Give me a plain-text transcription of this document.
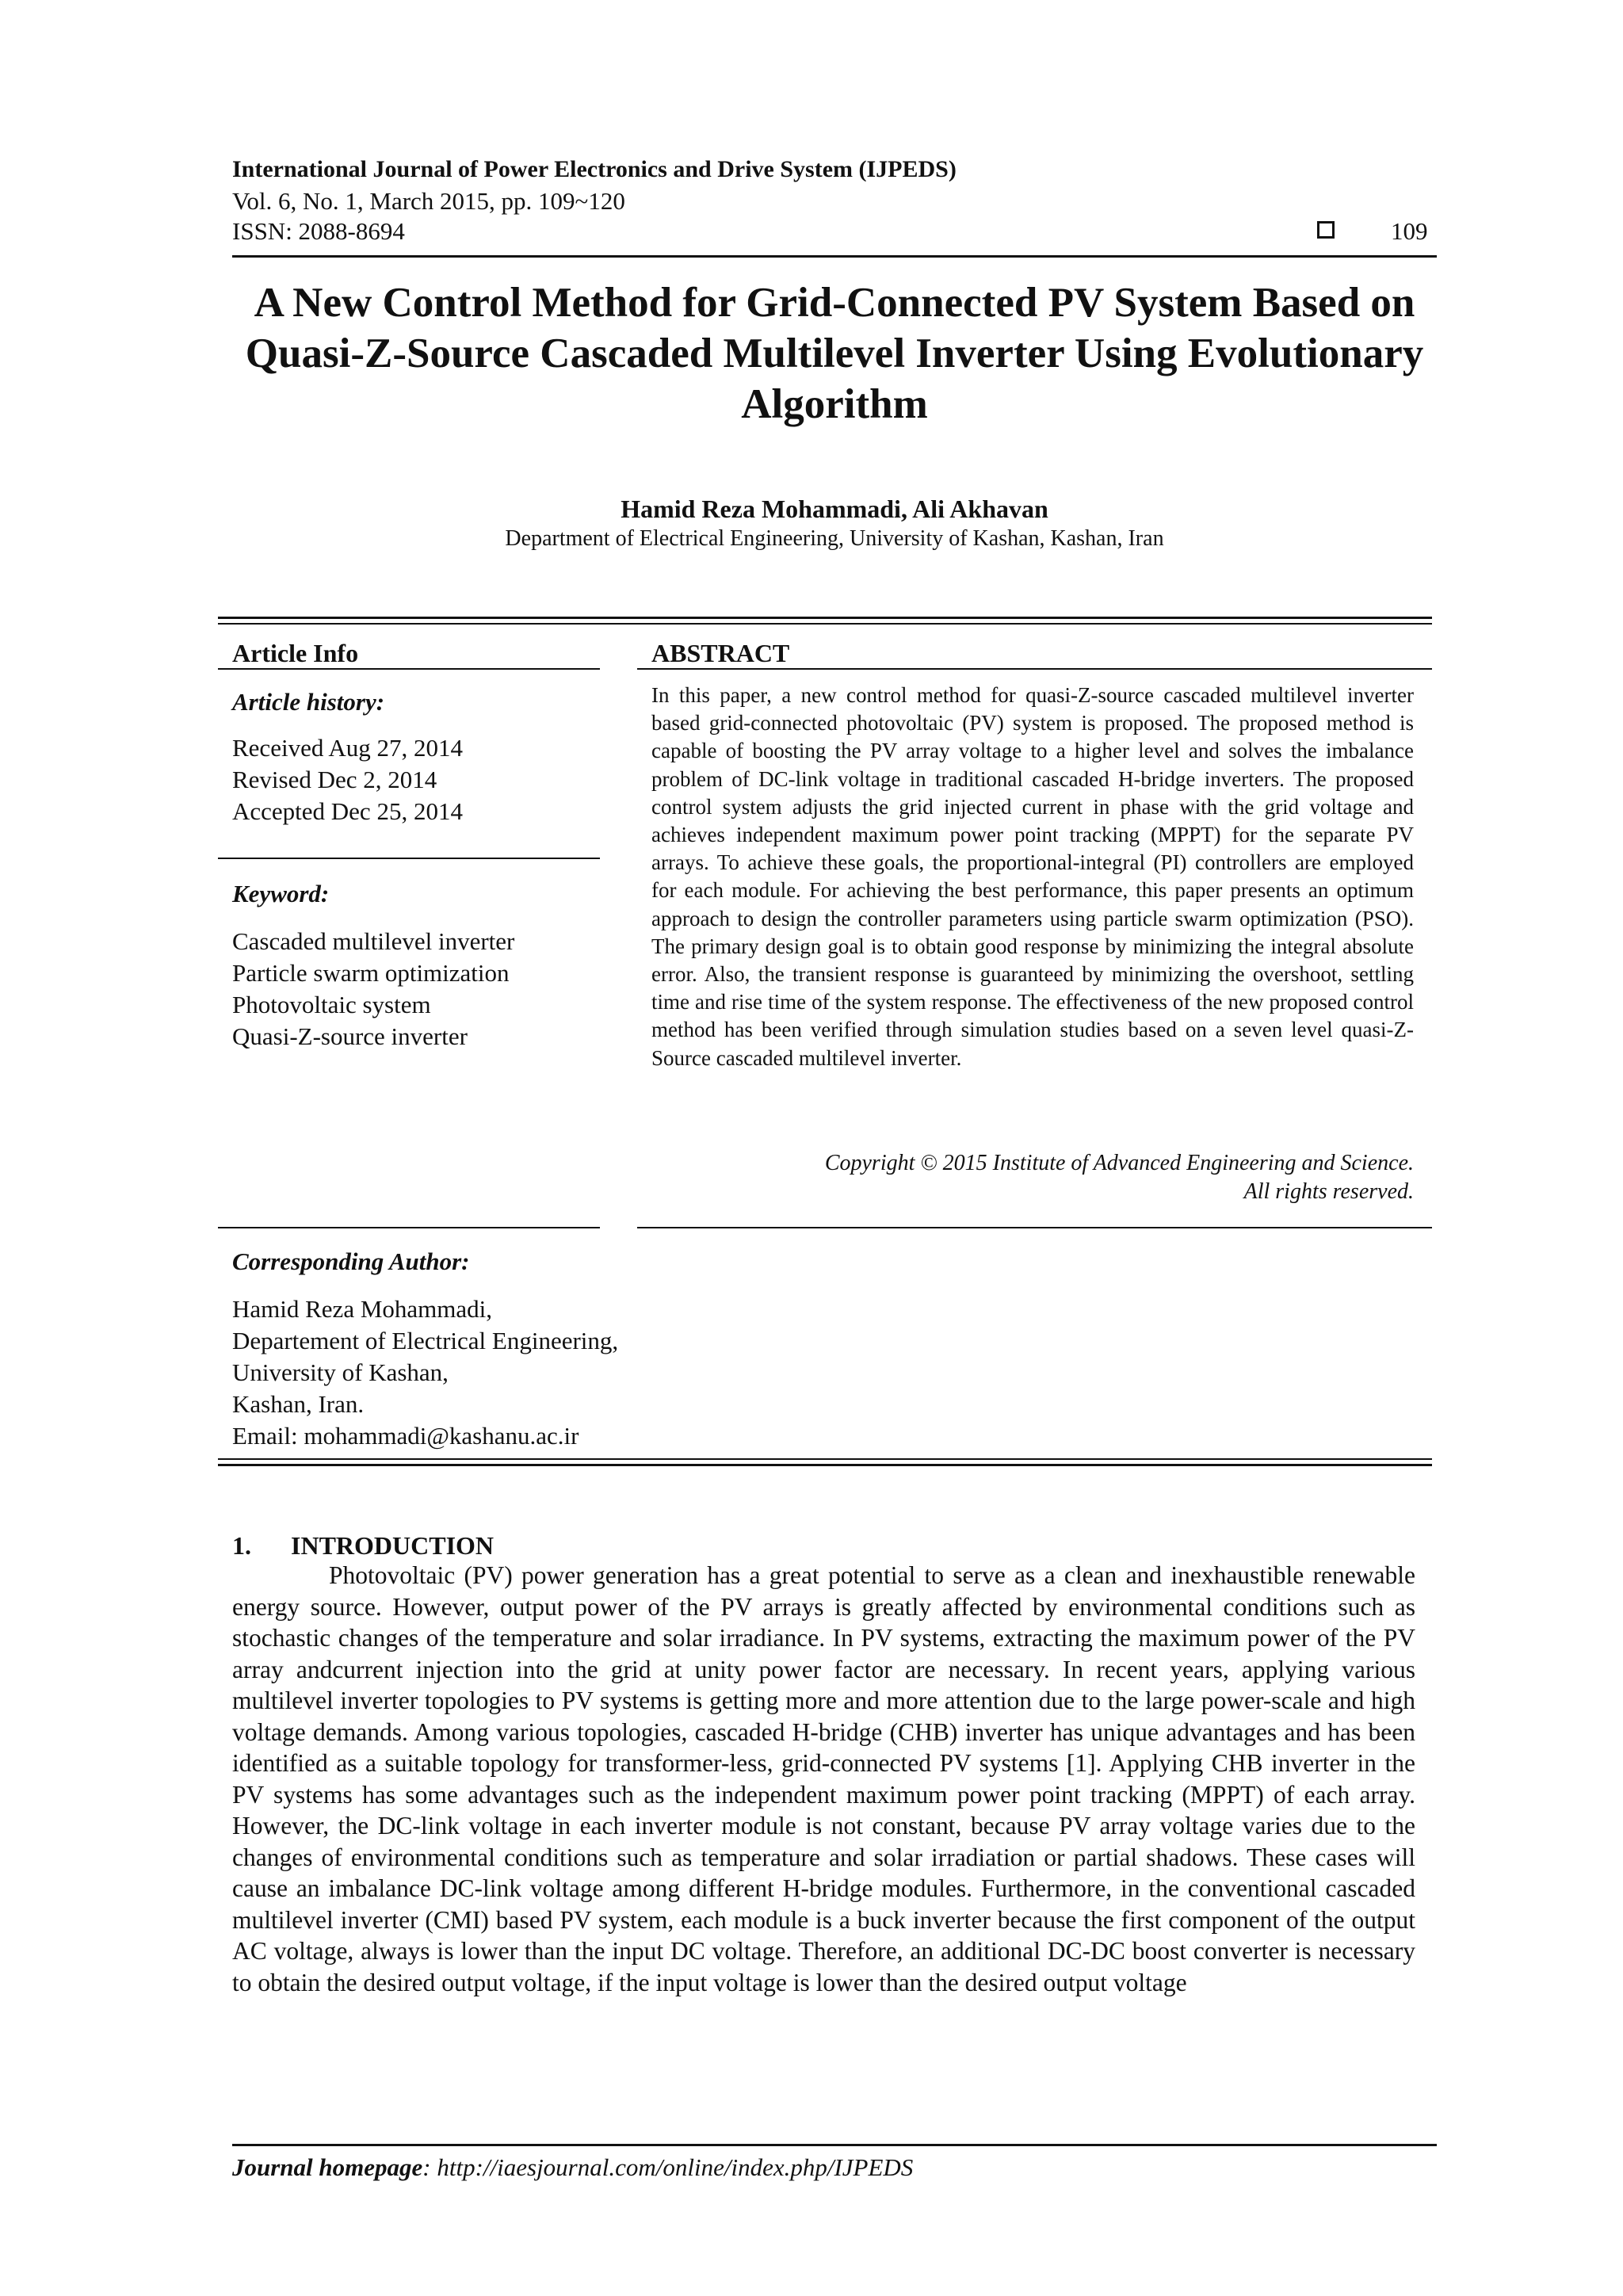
International Journal of Power Electronics and Drive System (IJPEDS)
Vol. 6, No. 1, March 2015, pp. 109~120
ISSN: 2088-8694	109
A New Control Method for Grid-Connected PV System Based on Quasi-Z-Source Cascaded Multilevel Inverter Using Evolutionary Algorithm
Hamid Reza Mohammadi, Ali Akhavan
Department of Electrical Engineering, University of Kashan, Kashan, Iran
Article Info
Article history:
Received Aug 27, 2014
Revised Dec 2, 2014
Accepted Dec 25, 2014
Keyword:
Cascaded multilevel inverter
Particle swarm optimization
Photovoltaic system
Quasi-Z-source inverter
ABSTRACT
In this paper, a new control method for quasi-Z-source cascaded multilevel inverter based grid-connected photovoltaic (PV) system is proposed. The proposed method is capable of boosting the PV array voltage to a higher level and solves the imbalance problem of DC-link voltage in traditional cascaded H-bridge inverters. The proposed control system adjusts the grid injected current in phase with the grid voltage and achieves independent maximum power point tracking (MPPT) for the separate PV arrays. To achieve these goals, the proportional-integral (PI) controllers are employed for each module. For achieving the best performance, this paper presents an optimum approach to design the controller parameters using particle swarm optimization (PSO). The primary design goal is to obtain good response by minimizing the integral absolute error. Also, the transient response is guaranteed by minimizing the overshoot, settling time and rise time of the system response. The effectiveness of the new proposed control method has been verified through simulation studies based on a seven level quasi-Z-Source cascaded multilevel inverter.
Copyright © 2015 Institute of Advanced Engineering and Science.
All rights reserved.
Corresponding Author:
Hamid Reza Mohammadi,
Departement of Electrical Engineering,
University of Kashan,
Kashan, Iran.
Email: mohammadi@kashanu.ac.ir
1. INTRODUCTION
Photovoltaic (PV) power generation has a great potential to serve as a clean and inexhaustible renewable energy source. However, output power of the PV arrays is greatly affected by environmental conditions such as stochastic changes of the temperature and solar irradiance. In PV systems, extracting the maximum power of the PV array andcurrent injection into the grid at unity power factor are necessary. In recent years, applying various multilevel inverter topologies to PV systems is getting more and more attention due to the large power-scale and high voltage demands. Among various topologies, cascaded H-bridge (CHB) inverter has unique advantages and has been identified as a suitable topology for transformer-less, grid-connected PV systems [1]. Applying CHB inverter in the PV systems has some advantages such as the independent maximum power point tracking (MPPT) of each array. However, the DC-link voltage in each inverter module is not constant, because PV array voltage varies due to the changes of environmental conditions such as temperature and solar irradiation or partial shadows. These cases will cause an imbalance DC-link voltage among different H-bridge modules. Furthermore, in the conventional cascaded multilevel inverter (CMI) based PV system, each module is a buck inverter because the first component of the output AC voltage, always is lower than the input DC voltage. Therefore, an additional DC-DC boost converter is necessary to obtain the desired output voltage, if the input voltage is lower than the desired output voltage
Journal homepage: http://iaesjournal.com/online/index.php/IJPEDS
